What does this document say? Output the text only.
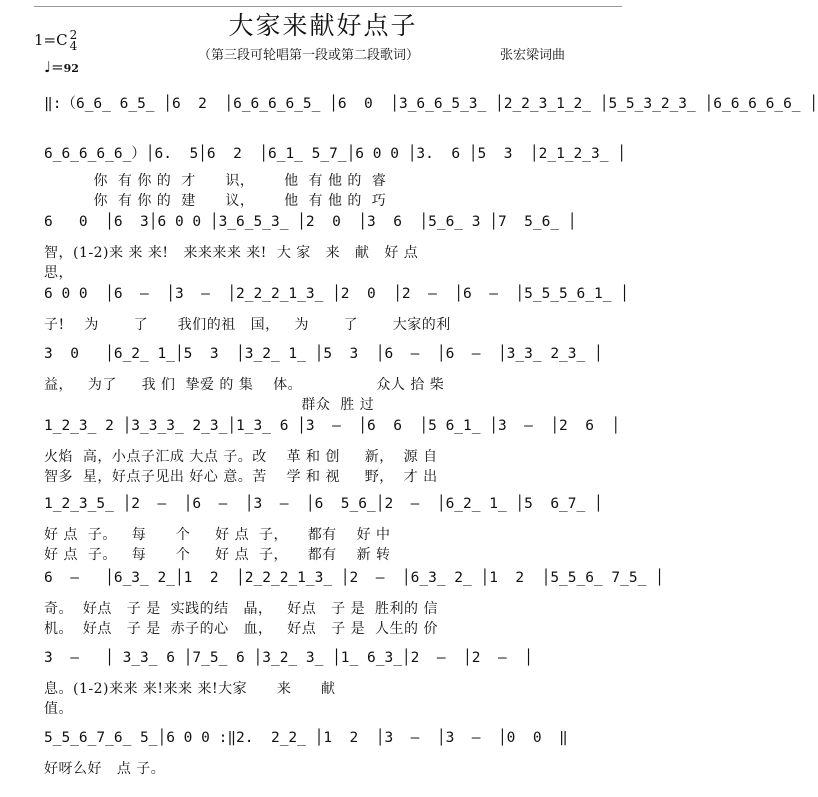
大家来献好点子
1=C 2
4
♩=92
（第三段可轮唱第一段或第二段歌词）	张宏梁词曲
‖:（6̲6̲ 6̲5̲ │6  2  │6̲6̲6̲6̲5̲ │6  0  │3̲6̲6̲5̲3̲ │2̲2̲3̲1̲2̲ │5̲5̲3̲2̲3̲ │6̲6̲6̲6̲6̲ │
6̲6̲6̲6̲6̲）│6.  5│6  2  │6̲1̲ 5̲7̲│6 0 0 │3.  6 │5  3  │2̲1̲2̲3̲ │
你  有 你 的  才      识，      他  有 他 的  睿
你  有 你 的  建      议，      他  有 他 的  巧
6   0  │6  3│6 0 0 │3̲6̲5̲3̲ │2  0  │3  6  │5̲6̲ 3 │7  5̲6̲ │
智，(1-2)来 来 来!   来来来来 来!  大 家   来   献   好 点
思，
6 0 0  │6  –  │3  –  │2̲2̲2̲1̲3̲ │2  0  │2  –  │6  –  │5̲5̲5̲6̲1̲ │
子!    为       了      我们的祖   国，   为       了       大家的利
3  0   │6̲2̲ 1̲│5  3  │3̲2̲ 1̲ │5  3  │6  –  │6  –  │3̲3̲ 2̲3̲ │
益，   为了     我 们  挚爱 的 集    体。               众人 拾 柴
群众  胜 过
1̲2̲3̲ 2 │3̲3̲3̲ 2̲3̲│1̲3̲ 6 │3  –  │6  6  │5 6̲1̲ │3  –  │2  6  │
火焰  高，小点子汇成 大点 子。改    革 和 创     新，  源 自
智多  星，好点子见出 好心 意。苦    学 和 视     野，  才 出
1̲2̲3̲5̲ │2  –  │6  –  │3  –  │6  5̲6̲│2  –  │6̲2̲ 1̲ │5  6̲7̲ │
好 点  子。   每      个     好 点  子，    都有    好 中
好 点  子。   每      个     好 点  子，    都有    新 转
6  –   │6̲3̲ 2̲│1  2  │2̲2̲2̲1̲3̲ │2  –  │6̲3̲ 2̲ │1  2  │5̲5̲6̲ 7̲5̲ │
奇。  好点   子 是  实践的结   晶，   好点   子 是  胜利的 信
机。  好点   子 是  赤子的心   血，   好点   子 是  人生的 价
3  –   │ 3̲3̲ 6 │7̲5̲ 6 │3̲2̲ 3̲ │1̲ 6̲3̲│2  –  │2  –  │
息。(1-2)来来 来!来来 来!大家      来      献
值。
5̲5̲6̲7̲6̲ 5̲│6 0 0 :‖2.  2̲2̲ │1  2  │3  –  │3  –  │0  0  ‖
好呀么好   点 子。
